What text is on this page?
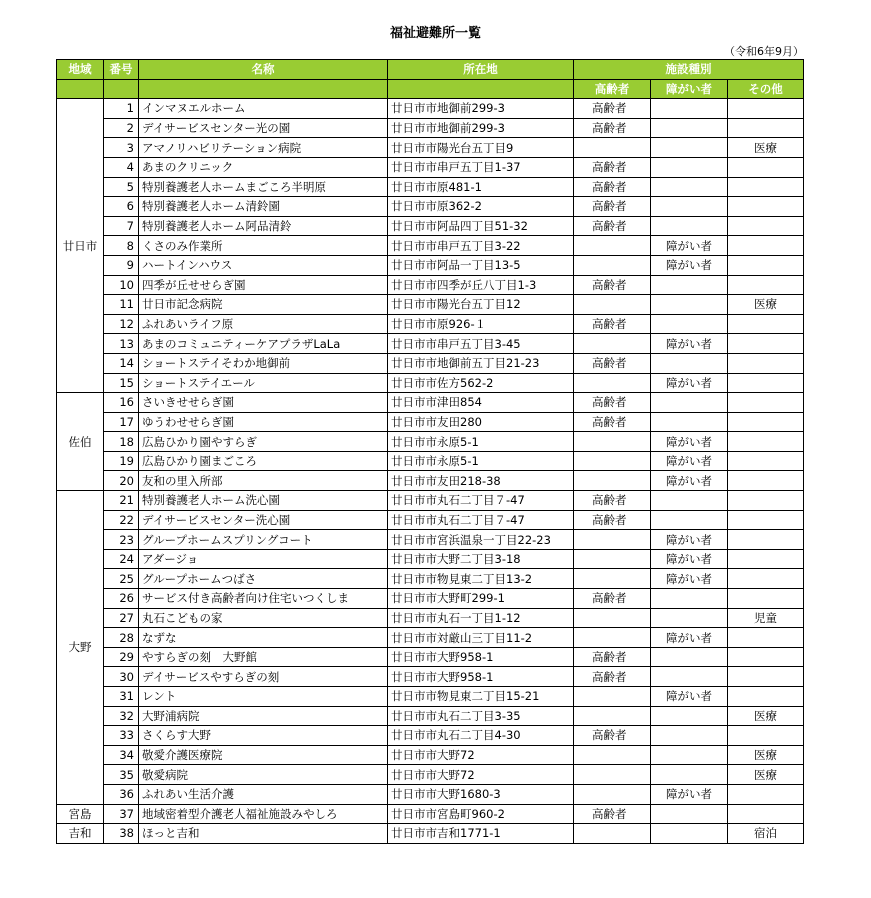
福祉避難所一覧
（令和6年9月）
地域	番号	名称	所在地	施設種別		
				高齢者	障がい者	その他
廿日市	1	インマヌエルホーム	廿日市市地御前299-3	高齢者		
	2	デイサービスセンター光の園	廿日市市地御前299-3	高齢者		
	3	アマノリハビリテーション病院	廿日市市陽光台五丁目9			医療
	4	あまのクリニック	廿日市市串戸五丁目1-37	高齢者		
	5	特別養護老人ホームまごころ半明原	廿日市市原481-1	高齢者		
	6	特別養護老人ホーム清鈴園	廿日市市原362-2	高齢者		
	7	特別養護老人ホーム阿品清鈴	廿日市市阿品四丁目51-32	高齢者		
	8	くさのみ作業所	廿日市市串戸五丁目3-22		障がい者	
	9	ハートインハウス	廿日市市阿品一丁目13-5		障がい者	
	10	四季が丘せせらぎ園	廿日市市四季が丘八丁目1-3	高齢者		
	11	廿日市記念病院	廿日市市陽光台五丁目12			医療
	12	ふれあいライフ原	廿日市市原926-１	高齢者		
	13	あまのコミュニティーケアプラザLaLa	廿日市市串戸五丁目3-45		障がい者	
	14	ショートステイそわか地御前	廿日市市地御前五丁目21-23	高齢者		
	15	ショートステイエール	廿日市市佐方562-2		障がい者	
佐伯	16	さいきせせらぎ園	廿日市市津田854	高齢者		
	17	ゆうわせせらぎ園	廿日市市友田280	高齢者		
	18	広島ひかり園やすらぎ	廿日市市永原5-1		障がい者	
	19	広島ひかり園まごころ	廿日市市永原5-1		障がい者	
	20	友和の里入所部	廿日市市友田218-38		障がい者	
大野	21	特別養護老人ホーム洗心園	廿日市市丸石二丁目７-47	高齢者		
	22	デイサービスセンター洗心園	廿日市市丸石二丁目７-47	高齢者		
	23	グループホームスプリングコート	廿日市市宮浜温泉一丁目22-23		障がい者	
	24	アダージョ	廿日市市大野二丁目3-18		障がい者	
	25	グループホームつばさ	廿日市市物見東二丁目13-2		障がい者	
	26	サービス付き高齢者向け住宅いつくしま	廿日市市大野町299-1	高齢者		
	27	丸石こどもの家	廿日市市丸石一丁目1-12			児童
	28	なずな	廿日市市対厳山三丁目11-2		障がい者	
	29	やすらぎの刻　大野館	廿日市市大野958-1	高齢者		
	30	デイサービスやすらぎの刻	廿日市市大野958-1	高齢者		
	31	レント	廿日市市物見東二丁目15-21		障がい者	
	32	大野浦病院	廿日市市丸石二丁目3-35			医療
	33	さくらす大野	廿日市市丸石二丁目4-30	高齢者		
	34	敬愛介護医療院	廿日市市大野72			医療
	35	敬愛病院	廿日市市大野72			医療
	36	ふれあい生活介護	廿日市市大野1680-3		障がい者	
宮島	37	地域密着型介護老人福祉施設みやしろ	廿日市市宮島町960-2	高齢者		
吉和	38	ほっと吉和	廿日市市吉和1771-1			宿泊
